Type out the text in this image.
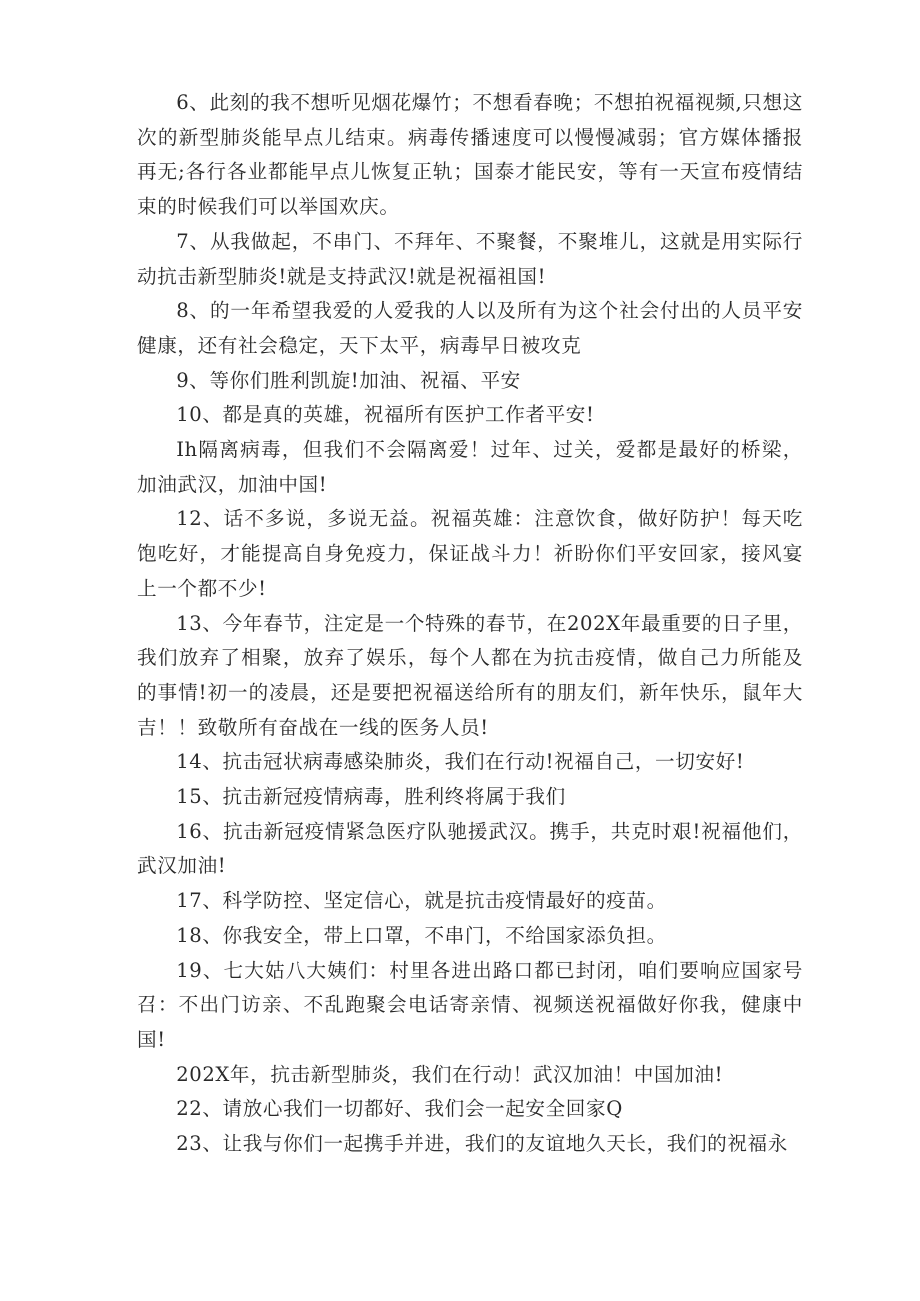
6、此刻的我不想听见烟花爆竹；不想看春晚；不想拍祝福视频,只想这次的新型肺炎能早点儿结束。病毒传播速度可以慢慢减弱；官方媒体播报再无;各行各业都能早点儿恢复正轨；国泰才能民安，等有一天宣布疫情结束的时候我们可以举国欢庆。

7、从我做起，不串门、不拜年、不聚餐，不聚堆儿，这就是用实际行动抗击新型肺炎!就是支持武汉!就是祝福祖国!

8、的一年希望我爱的人爱我的人以及所有为这个社会付出的人员平安健康，还有社会稳定，天下太平，病毒早日被攻克

9、等你们胜利凯旋!加油、祝福、平安

10、都是真的英雄，祝福所有医护工作者平安!

Ih隔离病毒，但我们不会隔离爱！过年、过关，爱都是最好的桥梁，加油武汉，加油中国!

12、话不多说，多说无益。祝福英雄：注意饮食，做好防护！每天吃饱吃好，才能提高自身免疫力，保证战斗力！祈盼你们平安回家，接风宴上一个都不少!

13、今年春节，注定是一个特殊的春节，在202X年最重要的日子里，我们放弃了相聚，放弃了娱乐，每个人都在为抗击疫情，做自己力所能及的事情!初一的凌晨，还是要把祝福送给所有的朋友们，新年快乐，鼠年大吉！！致敬所有奋战在一线的医务人员!

14、抗击冠状病毒感染肺炎，我们在行动!祝福自己，一切安好!

15、抗击新冠疫情病毒，胜利终将属于我们

16、抗击新冠疫情紧急医疗队驰援武汉。携手，共克时艰!祝福他们，武汉加油!

17、科学防控、坚定信心，就是抗击疫情最好的疫苗。

18、你我安全，带上口罩，不串门，不给国家添负担。

19、七大姑八大姨们：村里各进出路口都已封闭，咱们要响应国家号召：不出门访亲、不乱跑聚会电话寄亲情、视频送祝福做好你我，健康中国!

202X年，抗击新型肺炎，我们在行动！武汉加油！中国加油!

22、请放心我们一切都好、我们会一起安全回家Q

23、让我与你们一起携手并进，我们的友谊地久天长，我们的祝福永
